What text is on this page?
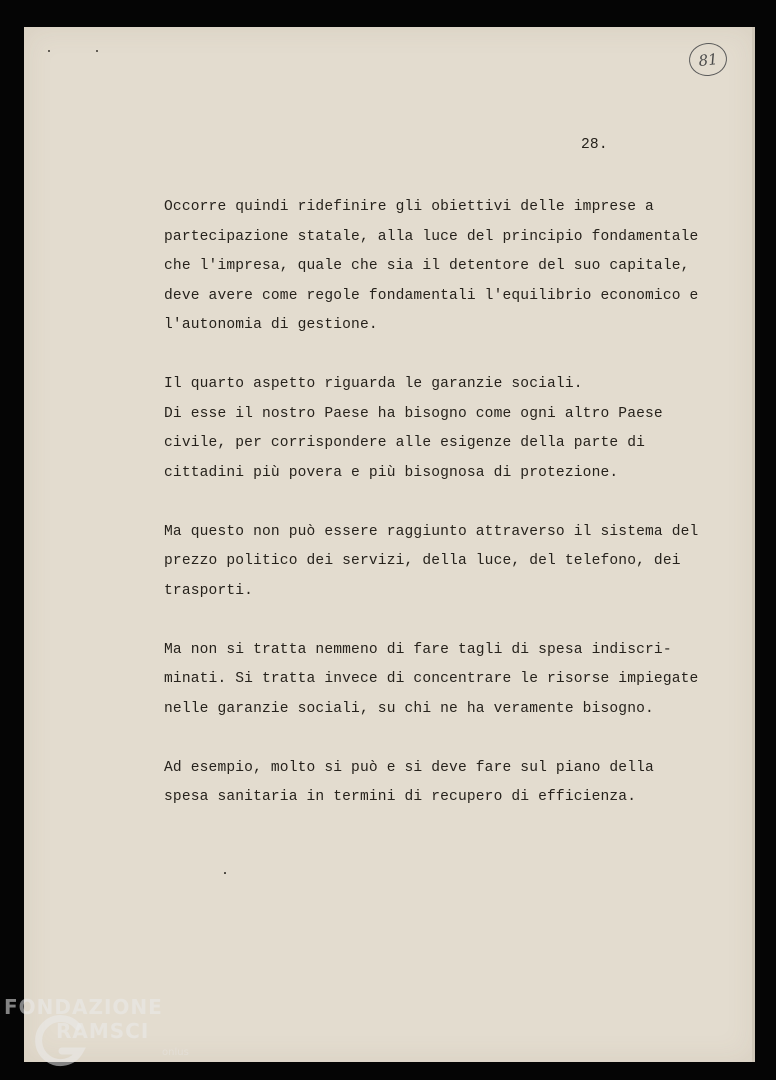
81
28.
Occorre quindi ridefinire gli obiettivi delle imprese a
partecipazione statale, alla luce del principio fondamentale
che l'impresa, quale che sia il detentore del suo capitale,
deve avere come regole fondamentali l'equilibrio economico e
l'autonomia di gestione.
Il quarto aspetto riguarda le garanzie sociali.
Di esse il nostro Paese ha bisogno come ogni altro Paese
civile, per corrispondere alle esigenze della parte di
cittadini più povera e più bisognosa di protezione.
Ma questo non può essere raggiunto attraverso il sistema del
prezzo politico dei servizi, della luce, del telefono, dei
trasporti.
Ma non si tratta nemmeno di fare tagli di spesa indiscri-
minati. Si tratta invece di concentrare le risorse impiegate
nelle garanzie sociali, su chi ne ha veramente bisogno.
Ad esempio, molto si può e si deve fare sul piano della
spesa sanitaria in termini di recupero di efficienza.
FONDAZIONE
RAMSCI
onlus
